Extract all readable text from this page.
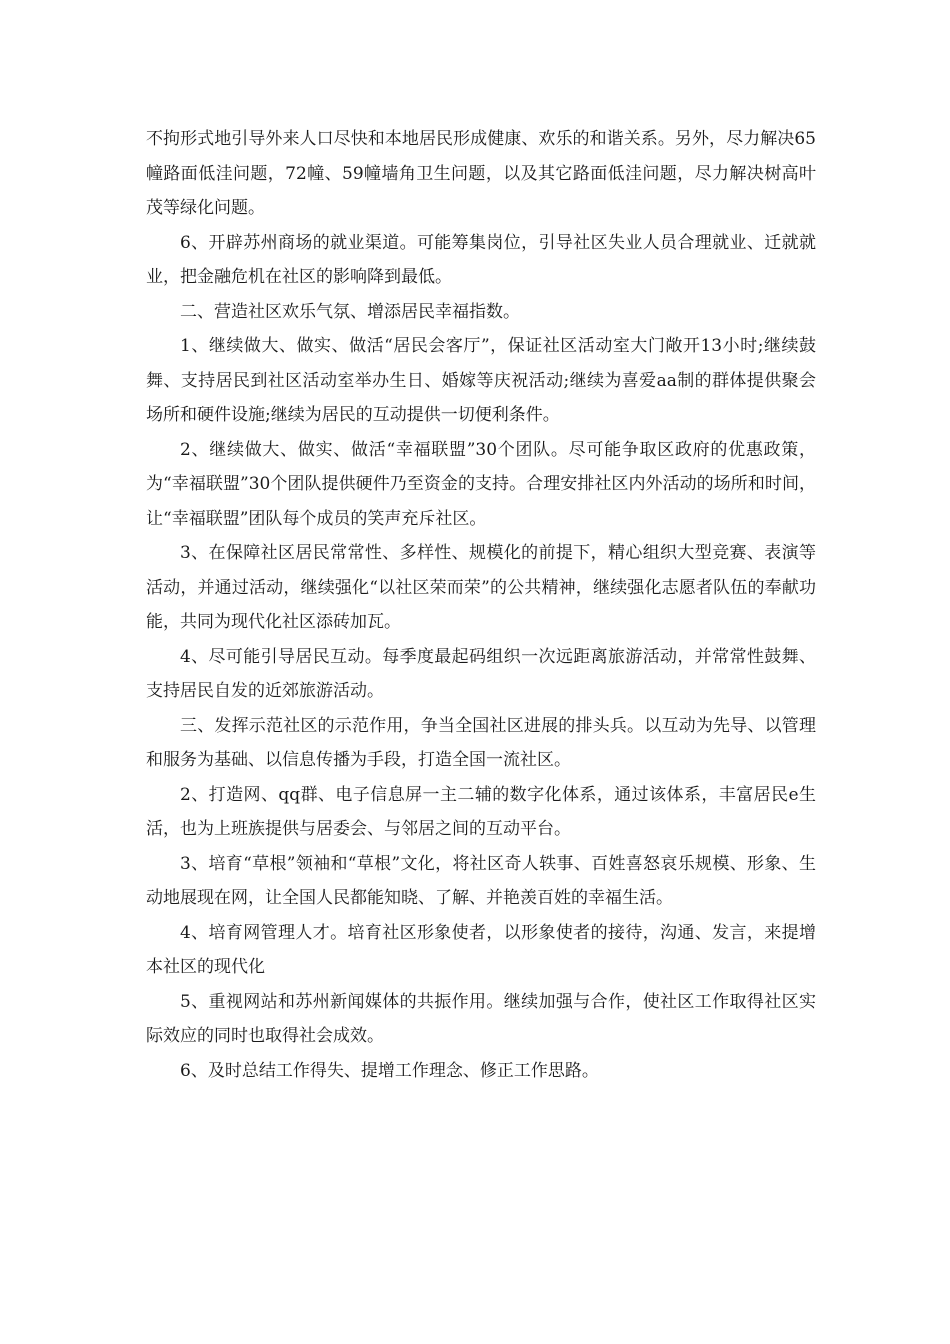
不拘形式地引导外来人口尽快和本地居民形成健康、欢乐的和谐关系。另外，尽力解决65幢路面低洼问题，72幢、59幢墙角卫生问题，以及其它路面低洼问题，尽力解决树高叶茂等绿化问题。

6、开辟苏州商场的就业渠道。可能筹集岗位，引导社区失业人员合理就业、迁就就业，把金融危机在社区的影响降到最低。

二、营造社区欢乐气氛、增添居民幸福指数。

1、继续做大、做实、做活“居民会客厅”，保证社区活动室大门敞开13小时;继续鼓舞、支持居民到社区活动室举办生日、婚嫁等庆祝活动;继续为喜爱aa制的群体提供聚会场所和硬件设施;继续为居民的互动提供一切便利条件。

2、继续做大、做实、做活“幸福联盟”30个团队。尽可能争取区政府的优惠政策，为“幸福联盟”30个团队提供硬件乃至资金的支持。合理安排社区内外活动的场所和时间，让“幸福联盟”团队每个成员的笑声充斥社区。

3、在保障社区居民常常性、多样性、规模化的前提下，精心组织大型竞赛、表演等活动，并通过活动，继续强化“以社区荣而荣”的公共精神，继续强化志愿者队伍的奉献功能，共同为现代化社区添砖加瓦。

4、尽可能引导居民互动。每季度最起码组织一次远距离旅游活动，并常常性鼓舞、支持居民自发的近郊旅游活动。

三、发挥示范社区的示范作用，争当全国社区进展的排头兵。以互动为先导、以管理和服务为基础、以信息传播为手段，打造全国一流社区。

2、打造网、qq群、电子信息屏一主二辅的数字化体系，通过该体系，丰富居民e生活，也为上班族提供与居委会、与邻居之间的互动平台。

3、培育“草根”领袖和“草根”文化，将社区奇人轶事、百姓喜怒哀乐规模、形象、生动地展现在网，让全国人民都能知晓、了解、并艳羡百姓的幸福生活。

4、培育网管理人才。培育社区形象使者，以形象使者的接待，沟通、发言，来提增本社区的现代化

5、重视网站和苏州新闻媒体的共振作用。继续加强与合作，使社区工作取得社区实际效应的同时也取得社会成效。

6、及时总结工作得失、提增工作理念、修正工作思路。
